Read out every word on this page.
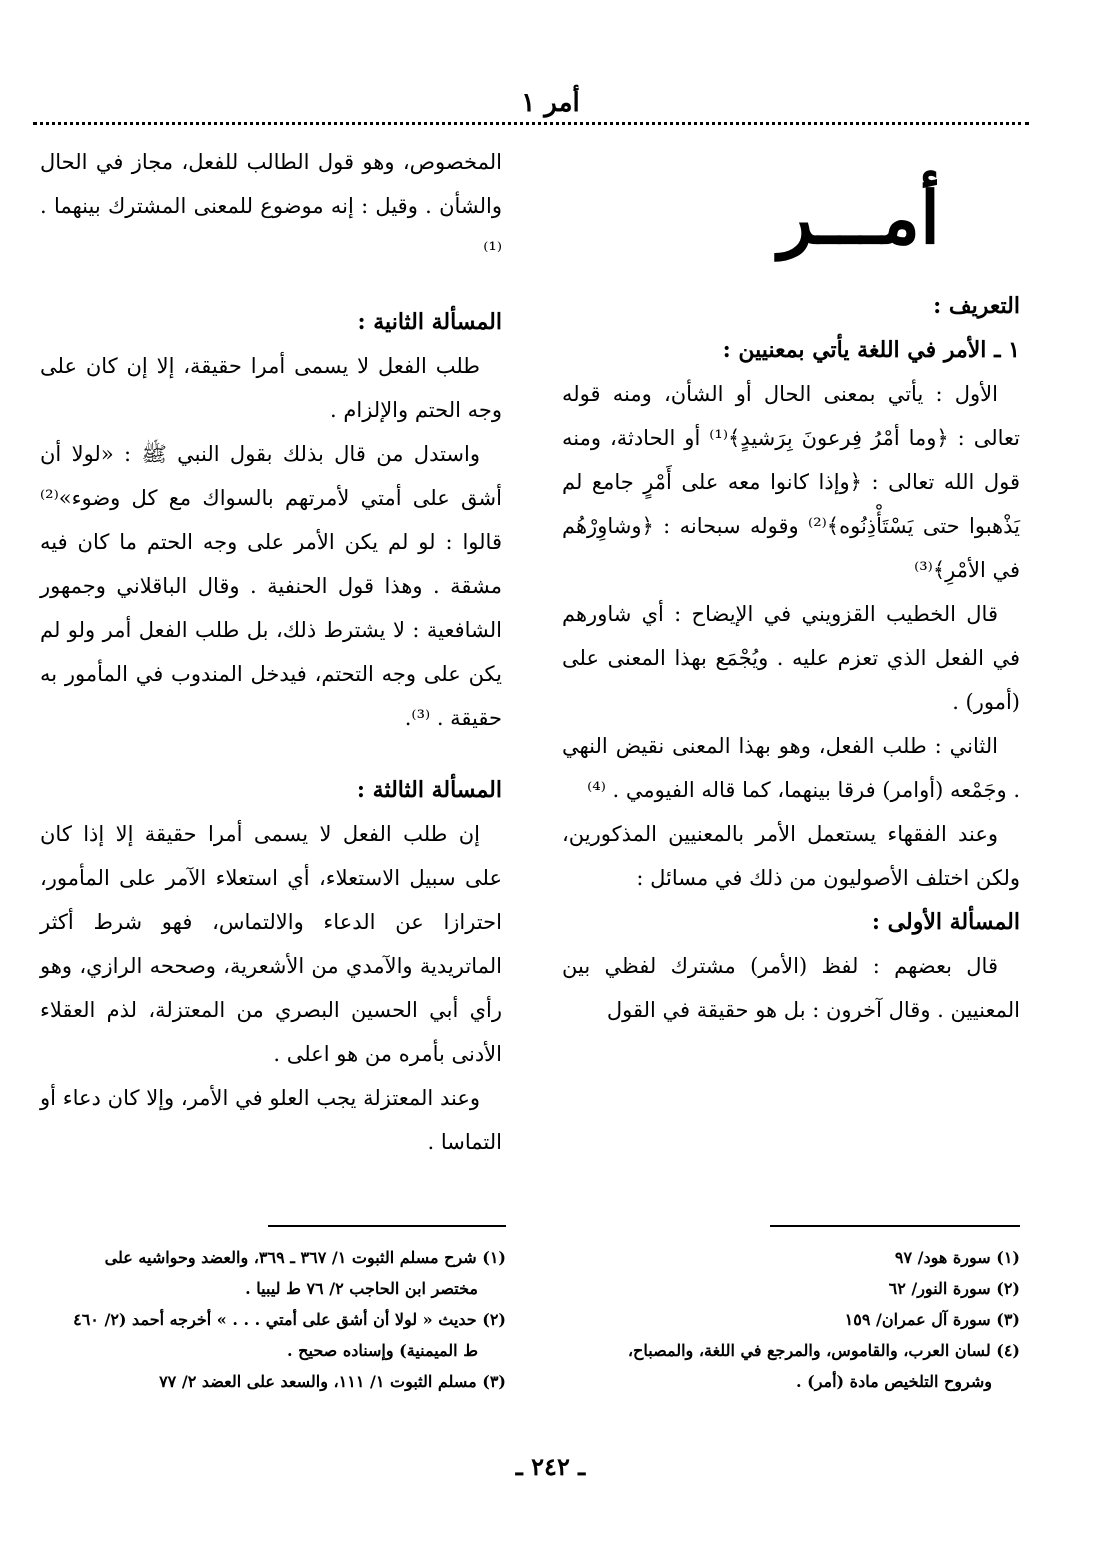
أمر ١
أمـــر
التعريف :
١ ـ الأمر في اللغة يأتي بمعنيين :

الأول : يأتي بمعنى الحال أو الشأن، ومنه قوله تعالى : ﴿وما أمْرُ فِرعونَ بِرَشيدٍ﴾⁽¹⁾ أو الحادثة، ومنه قول الله تعالى : ﴿وإذا كانوا معه على أَمْرٍ جامع لم يَذْهبوا حتى يَسْتَأْذِنُوه﴾⁽²⁾ وقوله سبحانه : ﴿وشاوِرْهُم في الأمْرِ﴾⁽³⁾

قال الخطيب القزويني في الإيضاح : أي شاورهم في الفعل الذي تعزم عليه . ويُجْمَع بهذا المعنى على (أمور) .

الثاني : طلب الفعل، وهو بهذا المعنى نقيض النهي . وجَمْعه (أوامر) فرقا بينهما، كما قاله الفيومي . ⁽⁴⁾

وعند الفقهاء يستعمل الأمر بالمعنيين المذكورين، ولكن اختلف الأصوليون من ذلك في مسائل :

المسألة الأولى :

قال بعضهم : لفظ (الأمر) مشترك لفظي بين المعنيين . وقال آخرون : بل هو حقيقة في القول

المخصوص، وهو قول الطالب للفعل، مجاز في الحال والشأن . وقيل : إنه موضوع للمعنى المشترك بينهما . ⁽¹⁾

المسألة الثانية :

طلب الفعل لا يسمى أمرا حقيقة، إلا إن كان على وجه الحتم والإلزام .

واستدل من قال بذلك بقول النبي ﷺ : «لولا أن أشق على أمتي لأمرتهم بالسواك مع كل وضوء»⁽²⁾ قالوا : لو لم يكن الأمر على وجه الحتم ما كان فيه مشقة . وهذا قول الحنفية . وقال الباقلاني وجمهور الشافعية : لا يشترط ذلك، بل طلب الفعل أمر ولو لم يكن على وجه التحتم، فيدخل المندوب في المأمور به حقيقة . ⁽³⁾.

المسألة الثالثة :

إن طلب الفعل لا يسمى أمرا حقيقة إلا إذا كان على سبيل الاستعلاء، أي استعلاء الآمر على المأمور، احترازا عن الدعاء والالتماس، فهو شرط أكثر الماتريدية والآمدي من الأشعرية، وصححه الرازي، وهو رأي أبي الحسين البصري من المعتزلة، لذم العقلاء الأدنى بأمره من هو اعلى .

وعند المعتزلة يجب العلو في الأمر، وإلا كان دعاء أو التماسا .

(١) سورة هود/ ٩٧
(٢) سورة النور/ ٦٢
(٣) سورة آل عمران/ ١٥٩
(٤) لسان العرب، والقاموس، والمرجع في اللغة، والمصباح،
وشروح التلخيص مادة (أمر) .
(١) شرح مسلم الثبوت ١/ ٣٦٧ ـ ٣٦٩، والعضد وحواشيه على
مختصر ابن الحاجب ٢/ ٧٦ ط ليبيا .
(٢) حديث « لولا أن أشق على أمتي . . . » أخرجه أحمد (٢/ ٤٦٠
ط الميمنية) وإسناده صحيح .
(٣) مسلم الثبوت ١/ ١١١، والسعد على العضد ٢/ ٧٧
ـ ٢٤٢ ـ
